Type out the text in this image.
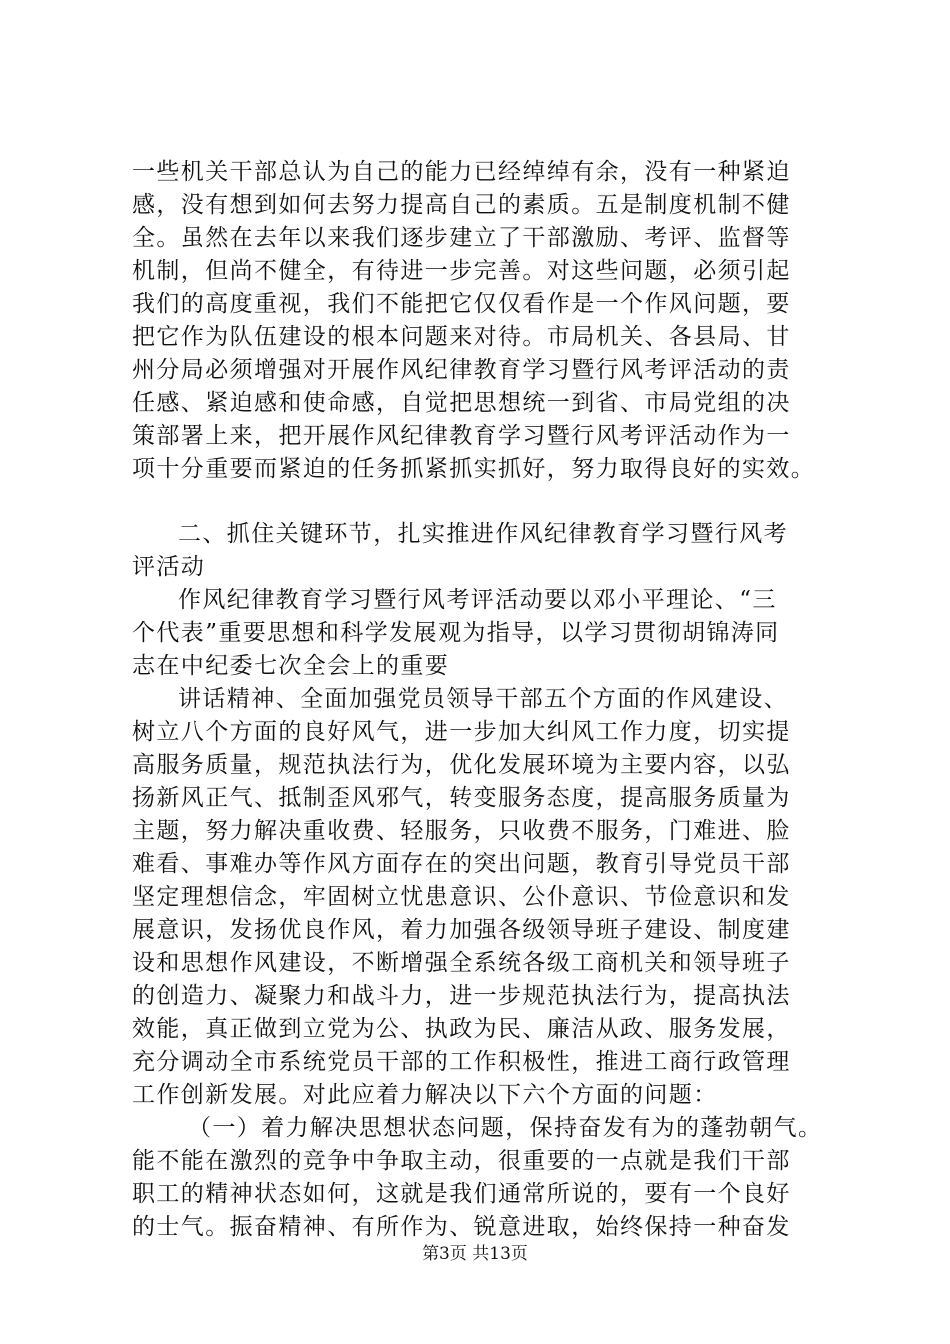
一些机关干部总认为自己的能力已经绰绰有余，没有一种紧迫
感，没有想到如何去努力提高自己的素质。五是制度机制不健
全。虽然在去年以来我们逐步建立了干部激励、考评、监督等
机制，但尚不健全，有待进一步完善。对这些问题，必须引起
我们的高度重视，我们不能把它仅仅看作是一个作风问题，要
把它作为队伍建设的根本问题来对待。市局机关、各县局、甘
州分局必须增强对开展作风纪律教育学习暨行风考评活动的责
任感、紧迫感和使命感，自觉把思想统一到省、市局党组的决
策部署上来，把开展作风纪律教育学习暨行风考评活动作为一
项十分重要而紧迫的任务抓紧抓实抓好，努力取得良好的实效。
二、抓住关键环节，扎实推进作风纪律教育学习暨行风考
评活动
作风纪律教育学习暨行风考评活动要以邓小平理论、“三
个代表”重要思想和科学发展观为指导，以学习贯彻胡锦涛同
志在中纪委七次全会上的重要
讲话精神、全面加强党员领导干部五个方面的作风建设、
树立八个方面的良好风气，进一步加大纠风工作力度，切实提
高服务质量，规范执法行为，优化发展环境为主要内容，以弘
扬新风正气、抵制歪风邪气，转变服务态度，提高服务质量为
主题，努力解决重收费、轻服务，只收费不服务，门难进、脸
难看、事难办等作风方面存在的突出问题，教育引导党员干部
坚定理想信念，牢固树立忧患意识、公仆意识、节俭意识和发
展意识，发扬优良作风，着力加强各级领导班子建设、制度建
设和思想作风建设，不断增强全系统各级工商机关和领导班子
的创造力、凝聚力和战斗力，进一步规范执法行为，提高执法
效能，真正做到立党为公、执政为民、廉洁从政、服务发展，
充分调动全市系统党员干部的工作积极性，推进工商行政管理
工作创新发展。对此应着力解决以下六个方面的问题：
（一）着力解决思想状态问题，保持奋发有为的蓬勃朝气。
能不能在激烈的竞争中争取主动，很重要的一点就是我们干部
职工的精神状态如何，这就是我们通常所说的，要有一个良好
的士气。振奋精神、有所作为、锐意进取，始终保持一种奋发
第3页 共13页
